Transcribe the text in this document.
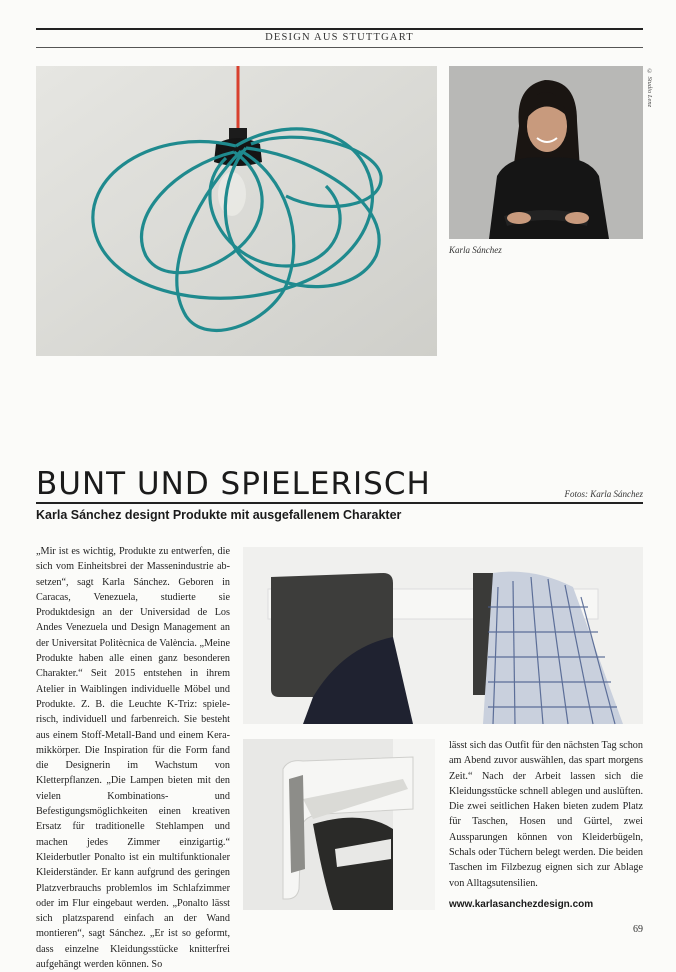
DESIGN AUS STUTTGART
© Studio Lenz
Karla Sánchez
Fotos: Karla Sánchez
BUNT UND SPIELERISCH
Karla Sánchez designt Produkte mit ausgefallenem Charakter
„Mir ist es wichtig, Produkte zu entwerfen, die sich vom Einheitsbrei der Massenindustrie absetzen“, sagt Karla Sánchez. Geboren in Caracas, Venezuela, studierte sie Produktdesign an der Universidad de Los Andes Venezuela und Design Management an der Universitat Politècnica de València. „Meine Produkte haben alle einen ganz besonderen Charakter.“ Seit 2015 entstehen in ihrem Atelier in Waiblingen individuelle Möbel und Produkte. Z. B. die Leuchte K-Triz: spielerisch, individuell und farbenreich. Sie besteht aus einem Stoff-Metall-Band und einem Keramikkörper. Die Inspiration für die Form fand die Designerin im Wachstum von Kletterpflanzen. „Die Lampen bieten mit den vielen Kombinations- und Befestigungsmöglichkeiten einen kreativen Ersatz für traditionelle Stehlampen und machen jedes Zimmer einzigartig.“ Kleiderbutler Ponalto ist ein multifunktionaler Kleiderständer. Er kann aufgrund des geringen Platzverbrauchs problemlos im Schlafzimmer oder im Flur eingebaut werden. „Ponalto lässt sich platzsparend einfach an der Wand montieren“, sagt Sánchez. „Er ist so geformt, dass einzelne Kleidungsstücke knitterfrei aufgehängt werden können. So
lässt sich das Outfit für den nächsten Tag schon am Abend zuvor auswählen, das spart morgens Zeit.“ Nach der Arbeit lassen sich die Kleidungsstücke schnell ablegen und auslüften. Die zwei seitlichen Haken bieten zudem Platz für Taschen, Hosen und Gürtel, zwei Aussparungen können von Kleiderbügeln, Schals oder Tüchern belegt werden. Die beiden Taschen im Filzbezug eignen sich zur Ablage von Alltagsutensilien.
www.karlasanchezdesign.com
69
